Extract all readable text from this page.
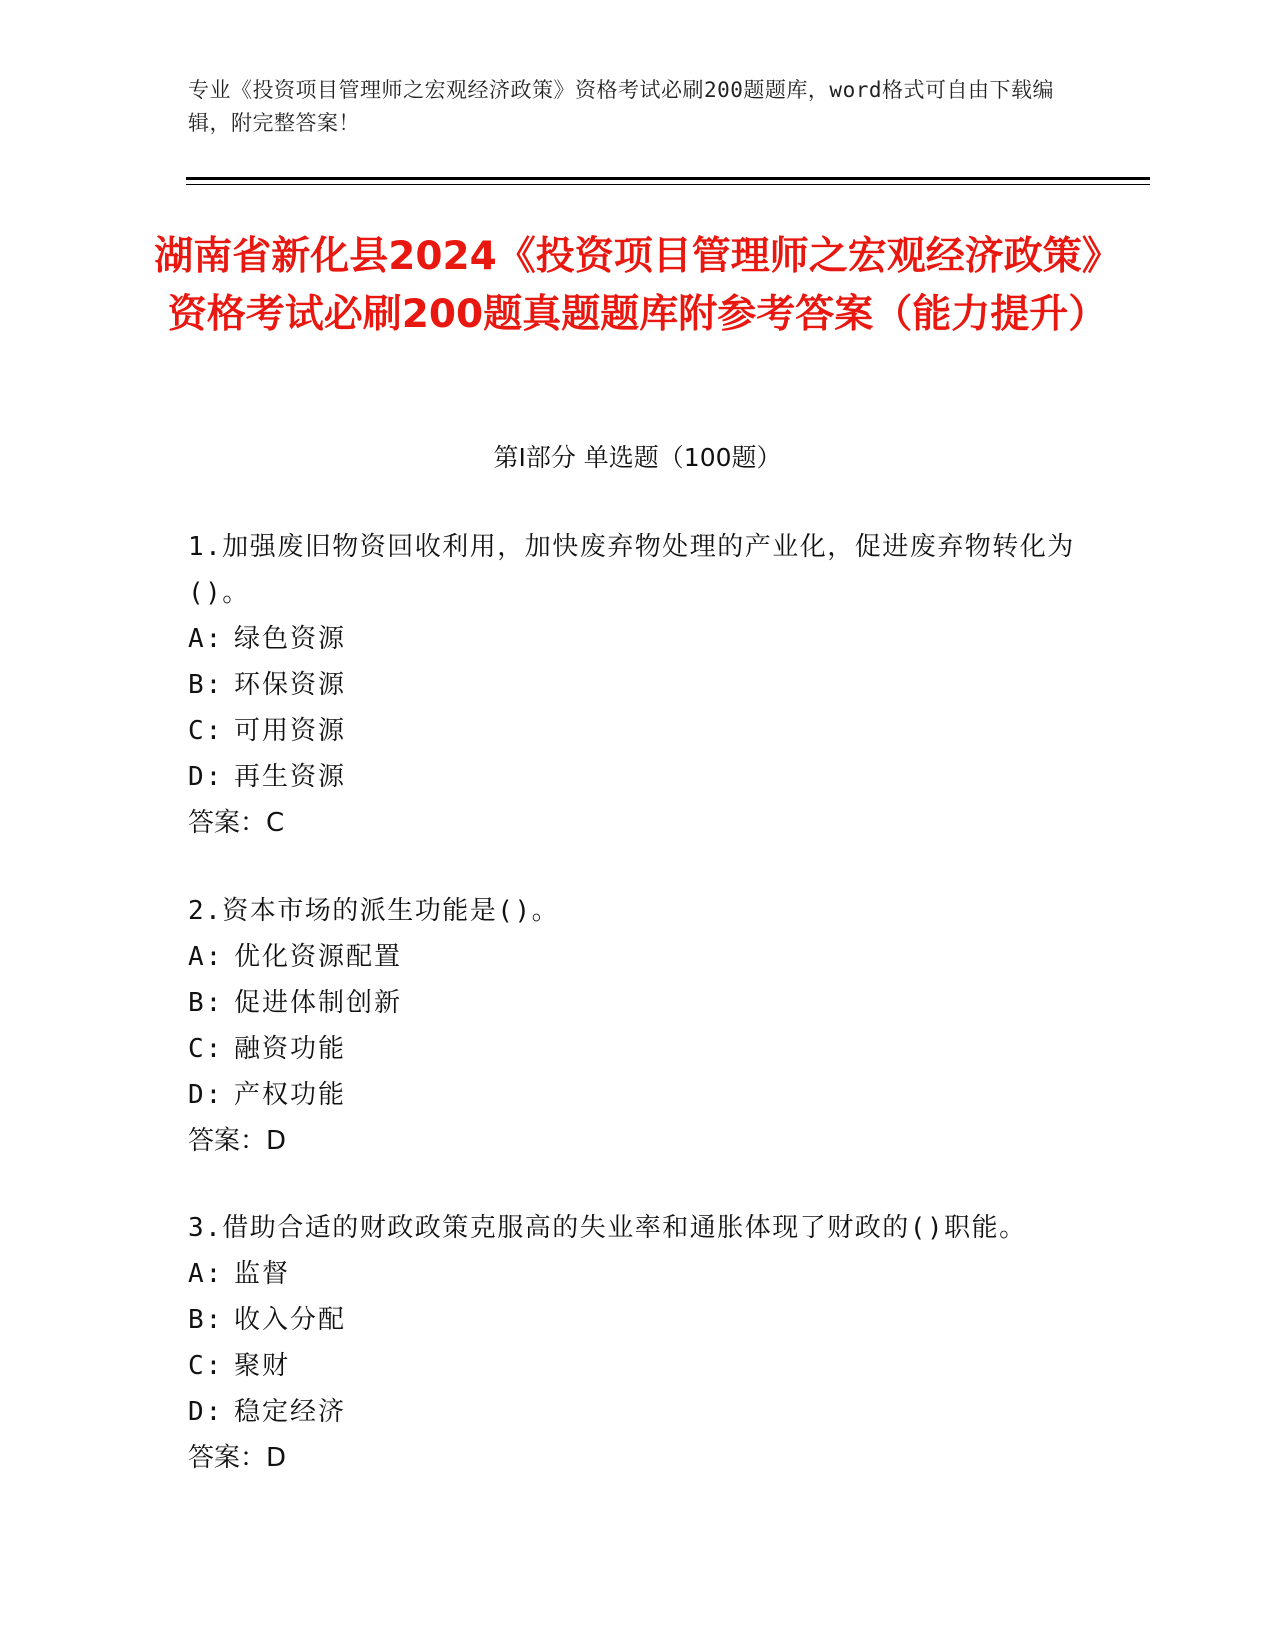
专业《投资项目管理师之宏观经济政策》资格考试必刷200题题库，word格式可自由下载编辑，附完整答案！
湖南省新化县2024《投资项目管理师之宏观经济政策》资格考试必刷200题真题题库附参考答案（能力提升）
第Ⅰ部分 单选题（100题）

1.加强废旧物资回收利用，加快废弃物处理的产业化，促进废弃物转化为()。

A: 绿色资源

B: 环保资源

C: 可用资源

D: 再生资源

答案：C

2.资本市场的派生功能是()。

A: 优化资源配置

B: 促进体制创新

C: 融资功能

D: 产权功能

答案：D

3.借助合适的财政政策克服高的失业率和通胀体现了财政的()职能。

A: 监督

B: 收入分配

C: 聚财

D: 稳定经济

答案：D
